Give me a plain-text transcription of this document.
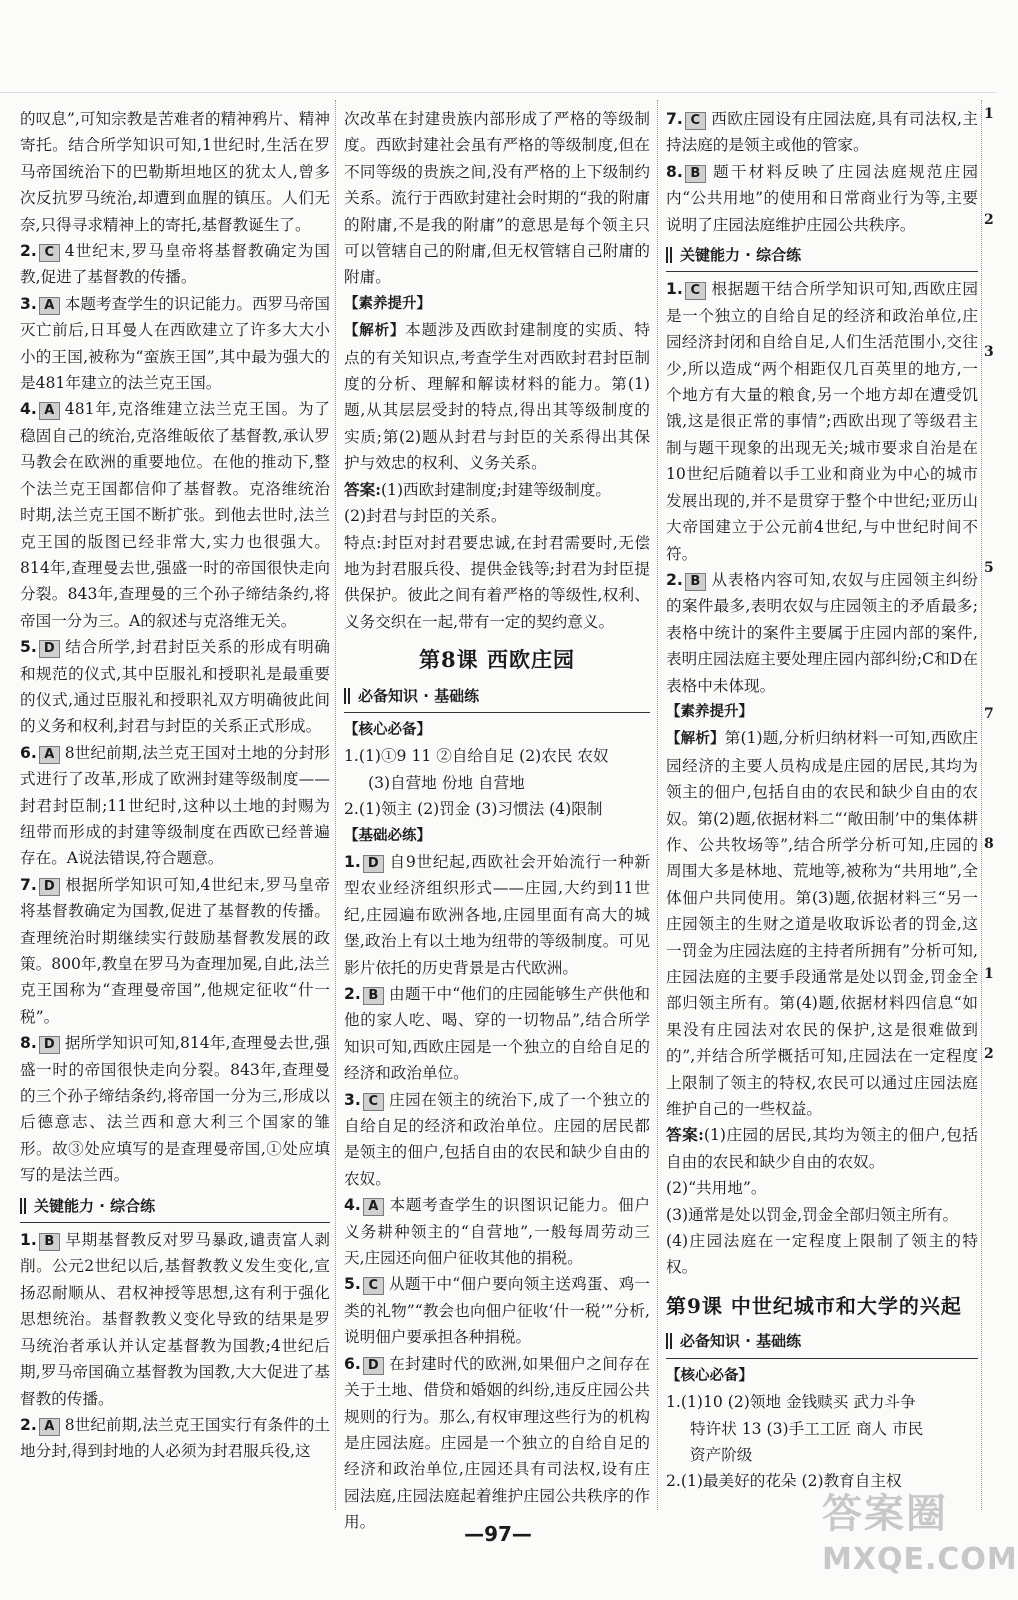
的叹息”,可知宗教是苦难者的精神鸦片、精神寄托。结合所学知识可知,1世纪时,生活在罗马帝国统治下的巴勒斯坦地区的犹太人,曾多次反抗罗马统治,却遭到血腥的镇压。人们无奈,只得寻求精神上的寄托,基督教诞生了。

2. C 4世纪末,罗马皇帝将基督教确定为国教,促进了基督教的传播。

3. A 本题考查学生的识记能力。西罗马帝国灭亡前后,日耳曼人在西欧建立了许多大大小小的王国,被称为“蛮族王国”,其中最为强大的是481年建立的法兰克王国。

4. A 481年,克洛维建立法兰克王国。为了稳固自己的统治,克洛维皈依了基督教,承认罗马教会在欧洲的重要地位。在他的推动下,整个法兰克王国都信仰了基督教。克洛维统治时期,法兰克王国不断扩张。到他去世时,法兰克王国的版图已经非常大,实力也很强大。814年,查理曼去世,强盛一时的帝国很快走向分裂。843年,查理曼的三个孙子缔结条约,将帝国一分为三。A的叙述与克洛维无关。

5. D 结合所学,封君封臣关系的形成有明确和规范的仪式,其中臣服礼和授职礼是最重要的仪式,通过臣服礼和授职礼双方明确彼此间的义务和权利,封君与封臣的关系正式形成。

6. A 8世纪前期,法兰克王国对土地的分封形式进行了改革,形成了欧洲封建等级制度——封君封臣制;11世纪时,这种以土地的封赐为纽带而形成的封建等级制度在西欧已经普遍存在。A说法错误,符合题意。

7. D 根据所学知识可知,4世纪末,罗马皇帝将基督教确定为国教,促进了基督教的传播。查理统治时期继续实行鼓励基督教发展的政策。800年,教皇在罗马为查理加冕,自此,法兰克王国称为“查理曼帝国”,他规定征收“什一税”。

8. D 据所学知识可知,814年,查理曼去世,强盛一时的帝国很快走向分裂。843年,查理曼的三个孙子缔结条约,将帝国一分为三,形成以后德意志、法兰西和意大利三个国家的雏形。故③处应填写的是查理曼帝国,①处应填写的是法兰西。

关键能力 · 综合练

1. B 早期基督教反对罗马暴政,谴责富人剥削。公元2世纪以后,基督教教义发生变化,宣扬忍耐顺从、君权神授等思想,这有利于强化思想统治。基督教教义变化导致的结果是罗马统治者承认并认定基督教为国教;4世纪后期,罗马帝国确立基督教为国教,大大促进了基督教的传播。

2. A 8世纪前期,法兰克王国实行有条件的土地分封,得到封地的人必须为封君服兵役,这

次改革在封建贵族内部形成了严格的等级制度。西欧封建社会虽有严格的等级制度,但在不同等级的贵族之间,没有严格的上下级制约关系。流行于西欧封建社会时期的“我的附庸的附庸,不是我的附庸”的意思是每个领主只可以管辖自己的附庸,但无权管辖自己附庸的附庸。

【素养提升】

【解析】本题涉及西欧封建制度的实质、特点的有关知识点,考查学生对西欧封君封臣制度的分析、理解和解读材料的能力。第(1)题,从其层层受封的特点,得出其等级制度的实质;第(2)题从封君与封臣的关系得出其保护与效忠的权利、义务关系。

答案:(1)西欧封建制度;封建等级制度。

(2)封君与封臣的关系。

特点:封臣对封君要忠诚,在封君需要时,无偿地为封君服兵役、提供金钱等;封君为封臣提供保护。彼此之间有着严格的等级性,权利、义务交织在一起,带有一定的契约意义。

第8课 西欧庄园
必备知识 · 基础练

【核心必备】

1.(1)①9 11 ②自给自足 (2)农民 农奴

(3)自营地 份地 自营地

2.(1)领主 (2)罚金 (3)习惯法 (4)限制

【基础必练】

1. D 自9世纪起,西欧社会开始流行一种新型农业经济组织形式——庄园,大约到11世纪,庄园遍布欧洲各地,庄园里面有高大的城堡,政治上有以土地为纽带的等级制度。可见影片依托的历史背景是古代欧洲。

2. B 由题干中“他们的庄园能够生产供他和他的家人吃、喝、穿的一切物品”,结合所学知识可知,西欧庄园是一个独立的自给自足的经济和政治单位。

3. C 庄园在领主的统治下,成了一个独立的自给自足的经济和政治单位。庄园的居民都是领主的佃户,包括自由的农民和缺少自由的农奴。

4. A 本题考查学生的识图识记能力。佃户义务耕种领主的“自营地”,一般每周劳动三天,庄园还向佃户征收其他的捐税。

5. C 从题干中“佃户要向领主送鸡蛋、鸡一类的礼物”“教会也向佃户征收‘什一税’”分析,说明佃户要承担各种捐税。

6. D 在封建时代的欧洲,如果佃户之间存在关于土地、借贷和婚姻的纠纷,违反庄园公共规则的行为。那么,有权审理这些行为的机构是庄园法庭。庄园是一个独立的自给自足的经济和政治单位,庄园还具有司法权,设有庄园法庭,庄园法庭起着维护庄园公共秩序的作用。

7. C 西欧庄园设有庄园法庭,具有司法权,主持法庭的是领主或他的管家。

8. B 题干材料反映了庄园法庭规范庄园内“公共用地”的使用和日常商业行为等,主要说明了庄园法庭维护庄园公共秩序。

关键能力 · 综合练

1. C 根据题干结合所学知识可知,西欧庄园是一个独立的自给自足的经济和政治单位,庄园经济封闭和自给自足,人们生活范围小,交往少,所以造成“两个相距仅几百英里的地方,一个地方有大量的粮食,另一个地方却在遭受饥饿,这是很正常的事情”;西欧出现了等级君主制与题干现象的出现无关;城市要求自治是在10世纪后随着以手工业和商业为中心的城市发展出现的,并不是贯穿于整个中世纪;亚历山大帝国建立于公元前4世纪,与中世纪时间不符。

2. B 从表格内容可知,农奴与庄园领主纠纷的案件最多,表明农奴与庄园领主的矛盾最多;表格中统计的案件主要属于庄园内部的案件,表明庄园法庭主要处理庄园内部纠纷;C和D在表格中未体现。

【素养提升】

【解析】第(1)题,分析归纳材料一可知,西欧庄园经济的主要人员构成是庄园的居民,其均为领主的佃户,包括自由的农民和缺少自由的农奴。第(2)题,依据材料二“‘敞田制’中的集体耕作、公共牧场等”,结合所学分析可知,庄园的周围大多是林地、荒地等,被称为“共用地”,全体佃户共同使用。第(3)题,依据材料三“另一庄园领主的生财之道是收取诉讼者的罚金,这一罚金为庄园法庭的主持者所拥有”分析可知,庄园法庭的主要手段通常是处以罚金,罚金全部归领主所有。第(4)题,依据材料四信息“如果没有庄园法对农民的保护,这是很难做到的”,并结合所学概括可知,庄园法在一定程度上限制了领主的特权,农民可以通过庄园法庭维护自己的一些权益。

答案:(1)庄园的居民,其均为领主的佃户,包括自由的农民和缺少自由的农奴。

(2)“共用地”。

(3)通常是处以罚金,罚金全部归领主所有。

(4)庄园法庭在一定程度上限制了领主的特权。

第9课 中世纪城市和大学的兴起
必备知识 · 基础练

【核心必备】

1.(1)10 (2)领地 金钱赎买 武力斗争

特许状 13 (3)手工工匠 商人 市民

资产阶级

2.(1)最美好的花朵 (2)教育自主权

1
2
3
5
7
8
1
2
—97—	答案圈
MXQE.COM
